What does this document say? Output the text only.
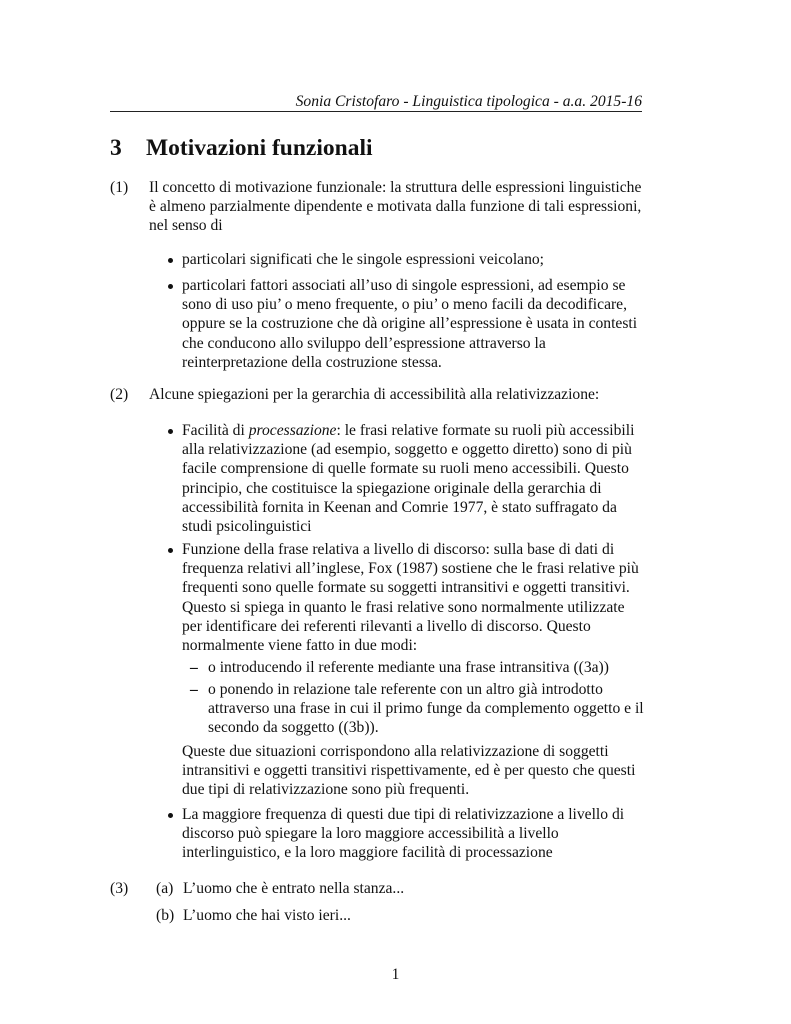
Sonia Cristofaro - Linguistica tipologica - a.a. 2015-16
3 Motivazioni funzionali
(1) Il concetto di motivazione funzionale: la struttura delle espressioni linguistiche è almeno parzialmente dipendente e motivata dalla funzione di tali espressioni, nel senso di
particolari significati che le singole espressioni veicolano;
particolari fattori associati all’uso di singole espressioni, ad esempio se sono di uso piu’ o meno frequente, o piu’ o meno facili da decodificare, oppure se la costruzione che dà origine all’espressione è usata in contesti che conducono allo sviluppo dell’espressione attraverso la reinterpretazione della costruzione stessa.
(2) Alcune spiegazioni per la gerarchia di accessibilità alla relativizzazione:
Facilità di processazione: le frasi relative formate su ruoli più accessibili alla relativizzazione (ad esempio, soggetto e oggetto diretto) sono di più facile comprensione di quelle formate su ruoli meno accessibili. Questo principio, che costituisce la spiegazione originale della gerarchia di accessibilità fornita in Keenan and Comrie 1977, è stato suffragato da studi psicolinguistici
Funzione della frase relativa a livello di discorso: sulla base di dati di frequenza relativi all’inglese, Fox (1987) sostiene che le frasi relative più frequenti sono quelle formate su soggetti intransitivi e oggetti transitivi. Questo si spiega in quanto le frasi relative sono normalmente utilizzate per identificare dei referenti rilevanti a livello di discorso. Questo normalmente viene fatto in due modi:
– o introducendo il referente mediante una frase intransitiva ((3a))
– o ponendo in relazione tale referente con un altro già introdotto attraverso una frase in cui il primo funge da complemento oggetto e il secondo da soggetto ((3b)).
Queste due situazioni corrispondono alla relativizzazione di soggetti intransitivi e oggetti transitivi rispettivamente, ed è per questo che questi due tipi di relativizzazione sono più frequenti.
La maggiore frequenza di questi due tipi di relativizzazione a livello di discorso può spiegare la loro maggiore accessibilità a livello interlinguistico, e la loro maggiore facilità di processazione
(3) (a) L’uomo che è entrato nella stanza...
(b) L’uomo che hai visto ieri...
1
